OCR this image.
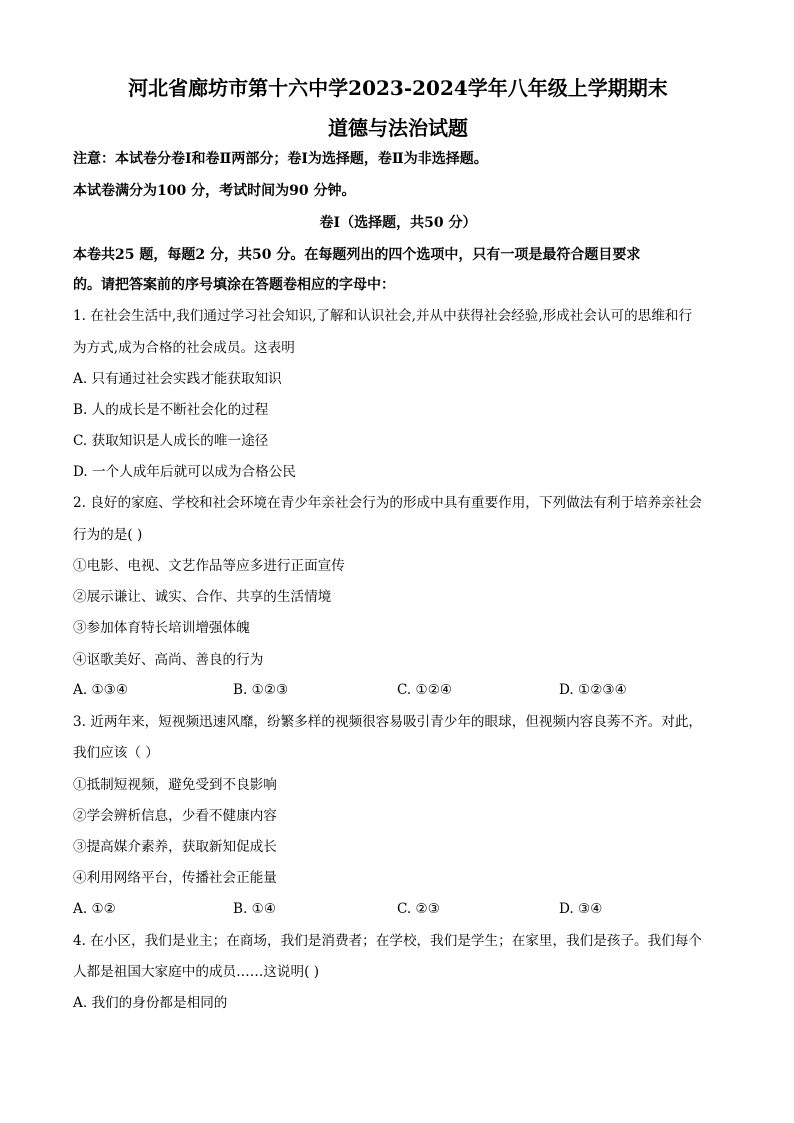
河北省廊坊市第十六中学2023-2024学年八年级上学期期末
道德与法治试题
注意：本试卷分卷Ⅰ和卷Ⅱ两部分；卷Ⅰ为选择题，卷Ⅱ为非选择题。
本试卷满分为100 分，考试时间为90 分钟。
卷Ⅰ（选择题，共50 分）
本卷共25 题，每题2 分，共50 分。在每题列出的四个选项中，只有一项是最符合题目要求
的。请把答案前的序号填涂在答题卷相应的字母中：
1. 在社会生活中,我们通过学习社会知识,了解和认识社会,并从中获得社会经验,形成社会认可的思维和行
为方式,成为合格的社会成员。这表明
A. 只有通过社会实践才能获取知识
B. 人的成长是不断社会化的过程
C. 获取知识是人成长的唯一途径
D. 一个人成年后就可以成为合格公民
2. 良好的家庭、学校和社会环境在青少年亲社会行为的形成中具有重要作用，下列做法有利于培养亲社会
行为的是( )
①电影、电视、文艺作品等应多进行正面宣传
②展示谦让、诚实、合作、共享的生活情境
③参加体育特长培训增强体魄
④讴歌美好、高尚、善良的行为
A. ①③④	B. ①②③	C. ①②④	D. ①②③④
3. 近两年来，短视频迅速风靡，纷繁多样的视频很容易吸引青少年的眼球，但视频内容良莠不齐。对此，
我们应该（ ）
①抵制短视频，避免受到不良影响
②学会辨析信息，少看不健康内容
③提高媒介素养，获取新知促成长
④利用网络平台，传播社会正能量
A. ①②	B. ①④	C. ②③	D. ③④
4. 在小区，我们是业主；在商场，我们是消费者；在学校，我们是学生；在家里，我们是孩子。我们每个
人都是祖国大家庭中的成员……这说明( )
A. 我们的身份都是相同的
